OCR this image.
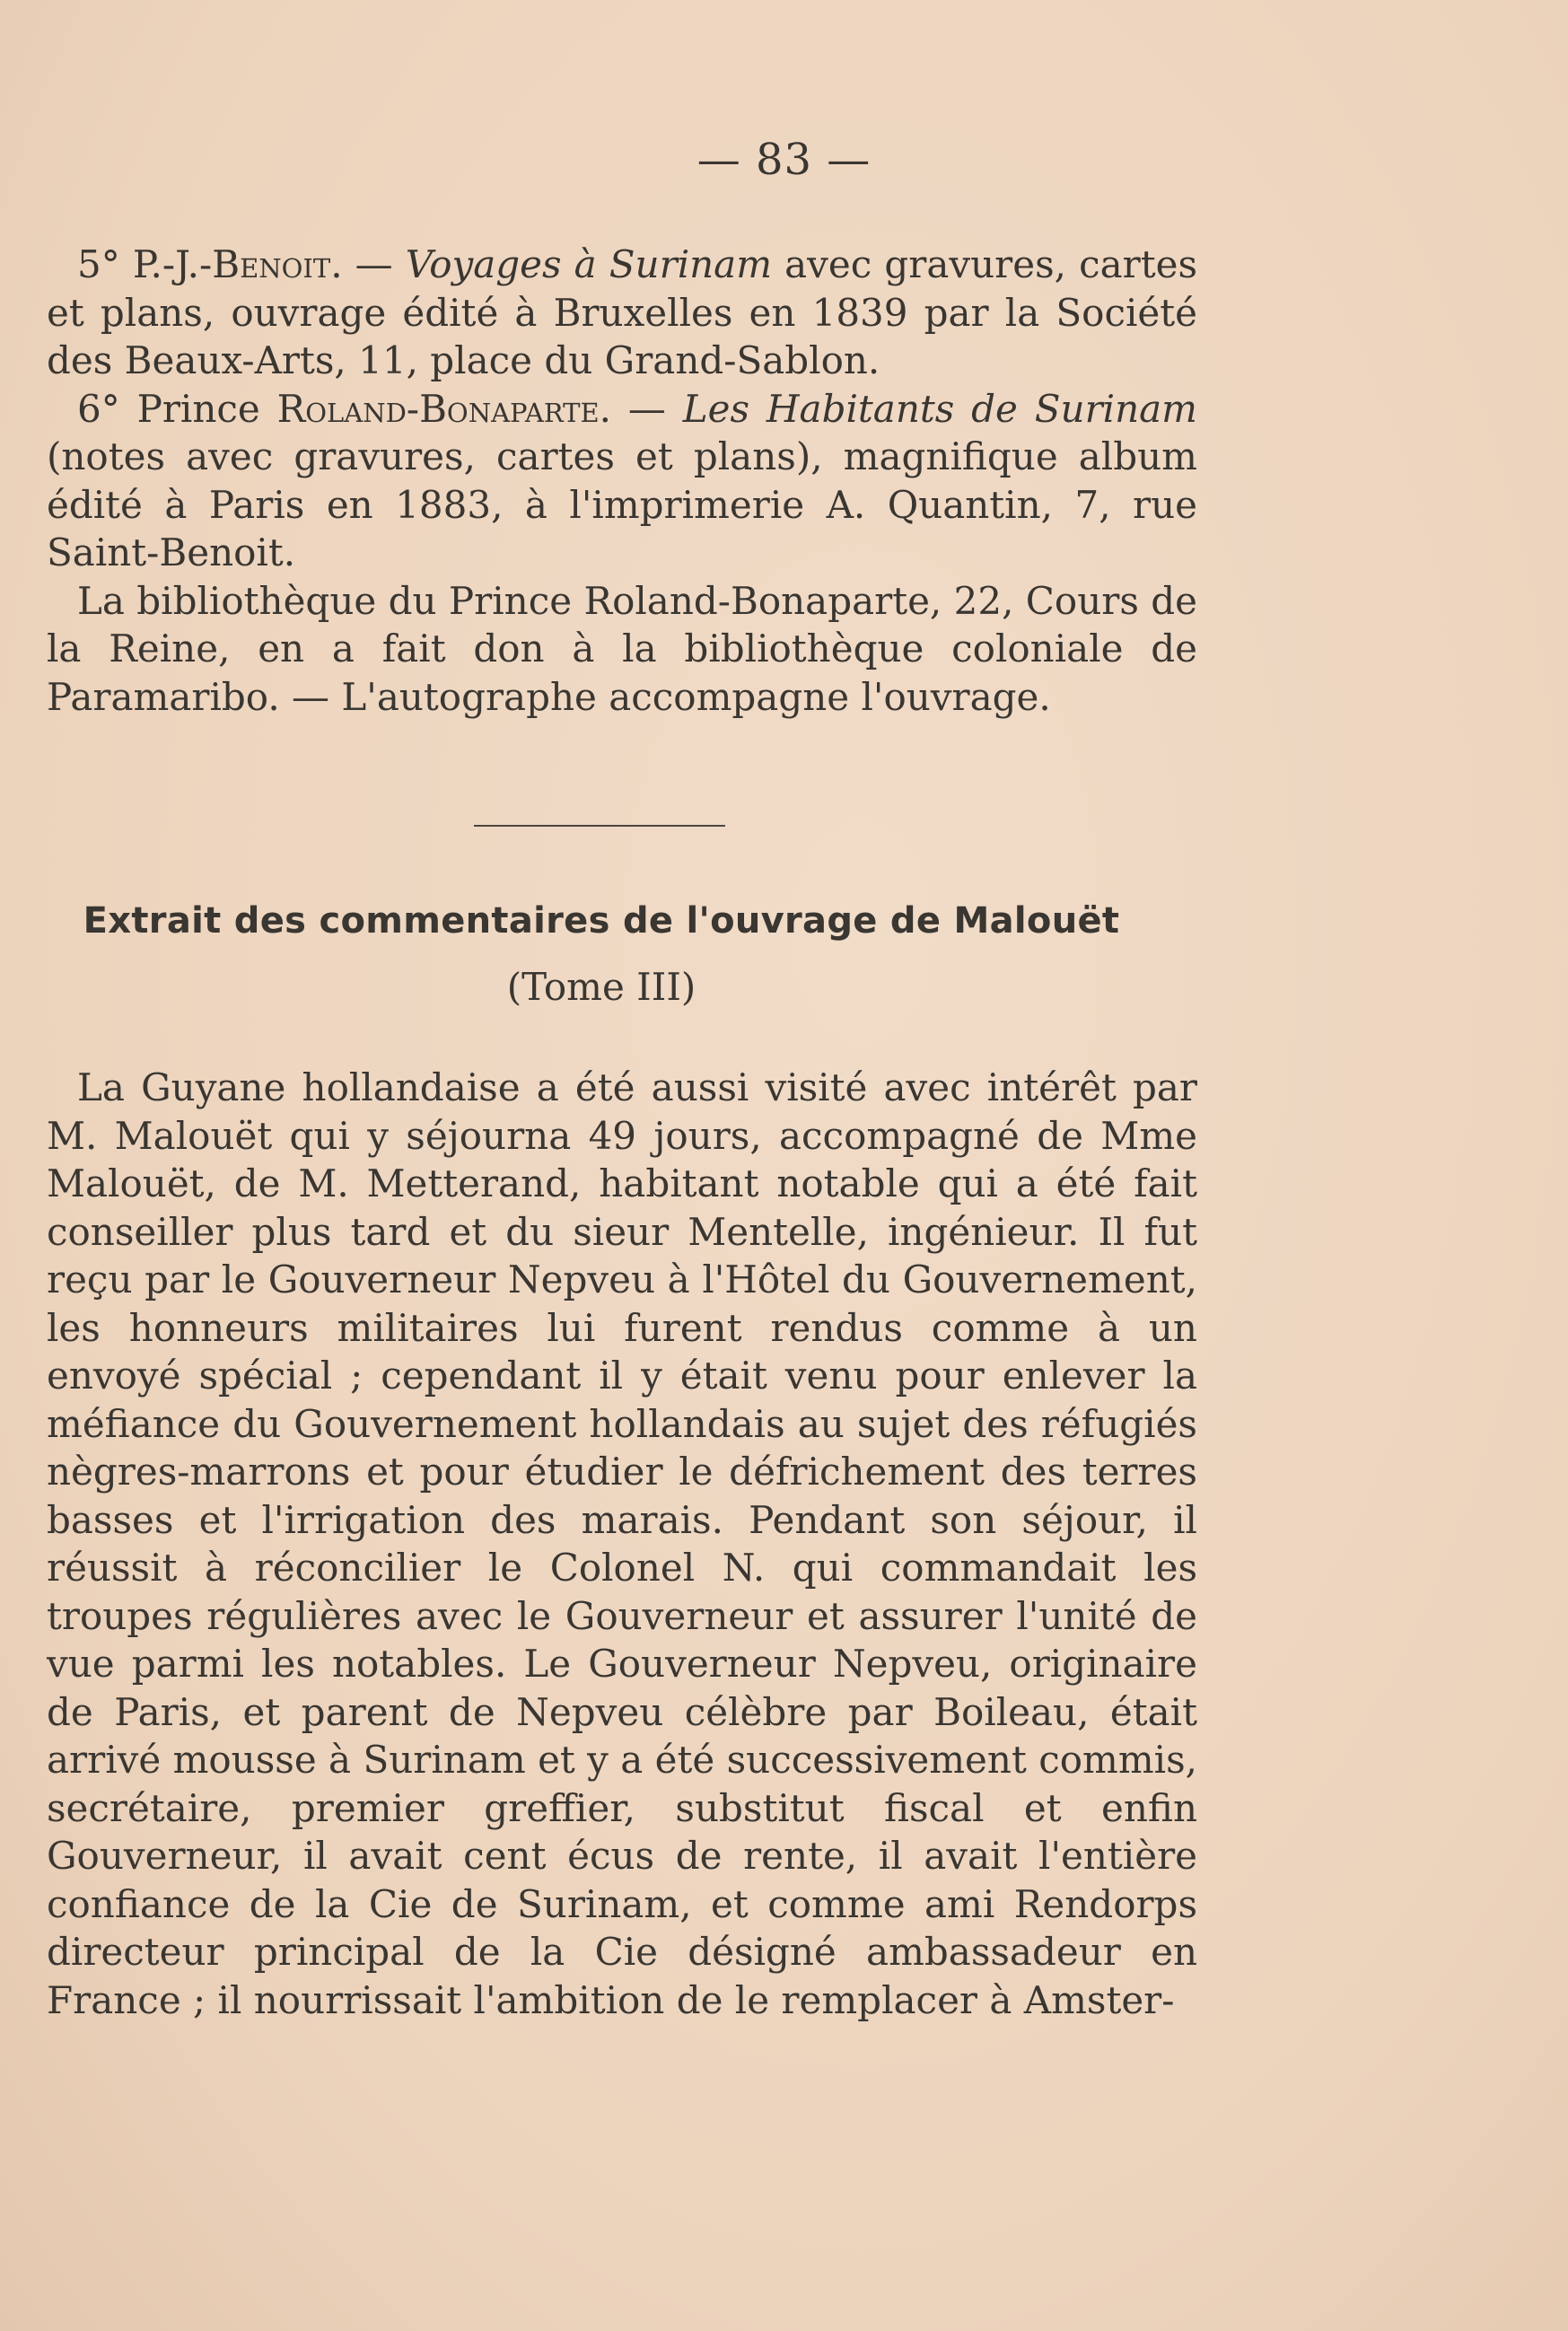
— 83 —

5° P.-J.-Benoit. — Voyages à Surinam avec gravures, cartes et plans, ouvrage édité à Bruxelles en 1839 par la Société des Beaux-Arts, 11, place du Grand-Sablon.

6° Prince Roland-Bonaparte. — Les Habitants de Surinam (notes avec gravures, cartes et plans), magnifique album édité à Paris en 1883, à l'imprimerie A. Quantin, 7, rue Saint-Benoit.

La bibliothèque du Prince Roland-Bonaparte, 22, Cours de la Reine, en a fait don à la bibliothèque coloniale de Paramaribo. — L'autographe accompagne l'ouvrage.

Extrait des commentaires de l'ouvrage de Malouët
(Tome III)

La Guyane hollandaise a été aussi visité avec intérêt par M. Malouët qui y séjourna 49 jours, accompagné de Mme Malouët, de M. Metterand, habitant notable qui a été fait conseiller plus tard et du sieur Mentelle, ingénieur. Il fut reçu par le Gouverneur Nepveu à l'Hôtel du Gouvernement, les honneurs militaires lui furent rendus comme à un envoyé spécial ; cependant il y était venu pour enlever la méfiance du Gouvernement hollandais au sujet des réfugiés nègres-marrons et pour étudier le défrichement des terres basses et l'irrigation des marais. Pendant son séjour, il réussit à réconcilier le Colonel N. qui commandait les troupes régulières avec le Gouverneur et assurer l'unité de vue parmi les notables. Le Gouverneur Nepveu, originaire de Paris, et parent de Nepveu célèbre par Boileau, était arrivé mousse à Surinam et y a été successivement commis, secrétaire, premier greffier, substitut fiscal et enfin Gouverneur, il avait cent écus de rente, il avait l'entière confiance de la Cie de Surinam, et comme ami Rendorps directeur principal de la Cie désigné ambassadeur en France ; il nourrissait l'ambition de le remplacer à Amster-
